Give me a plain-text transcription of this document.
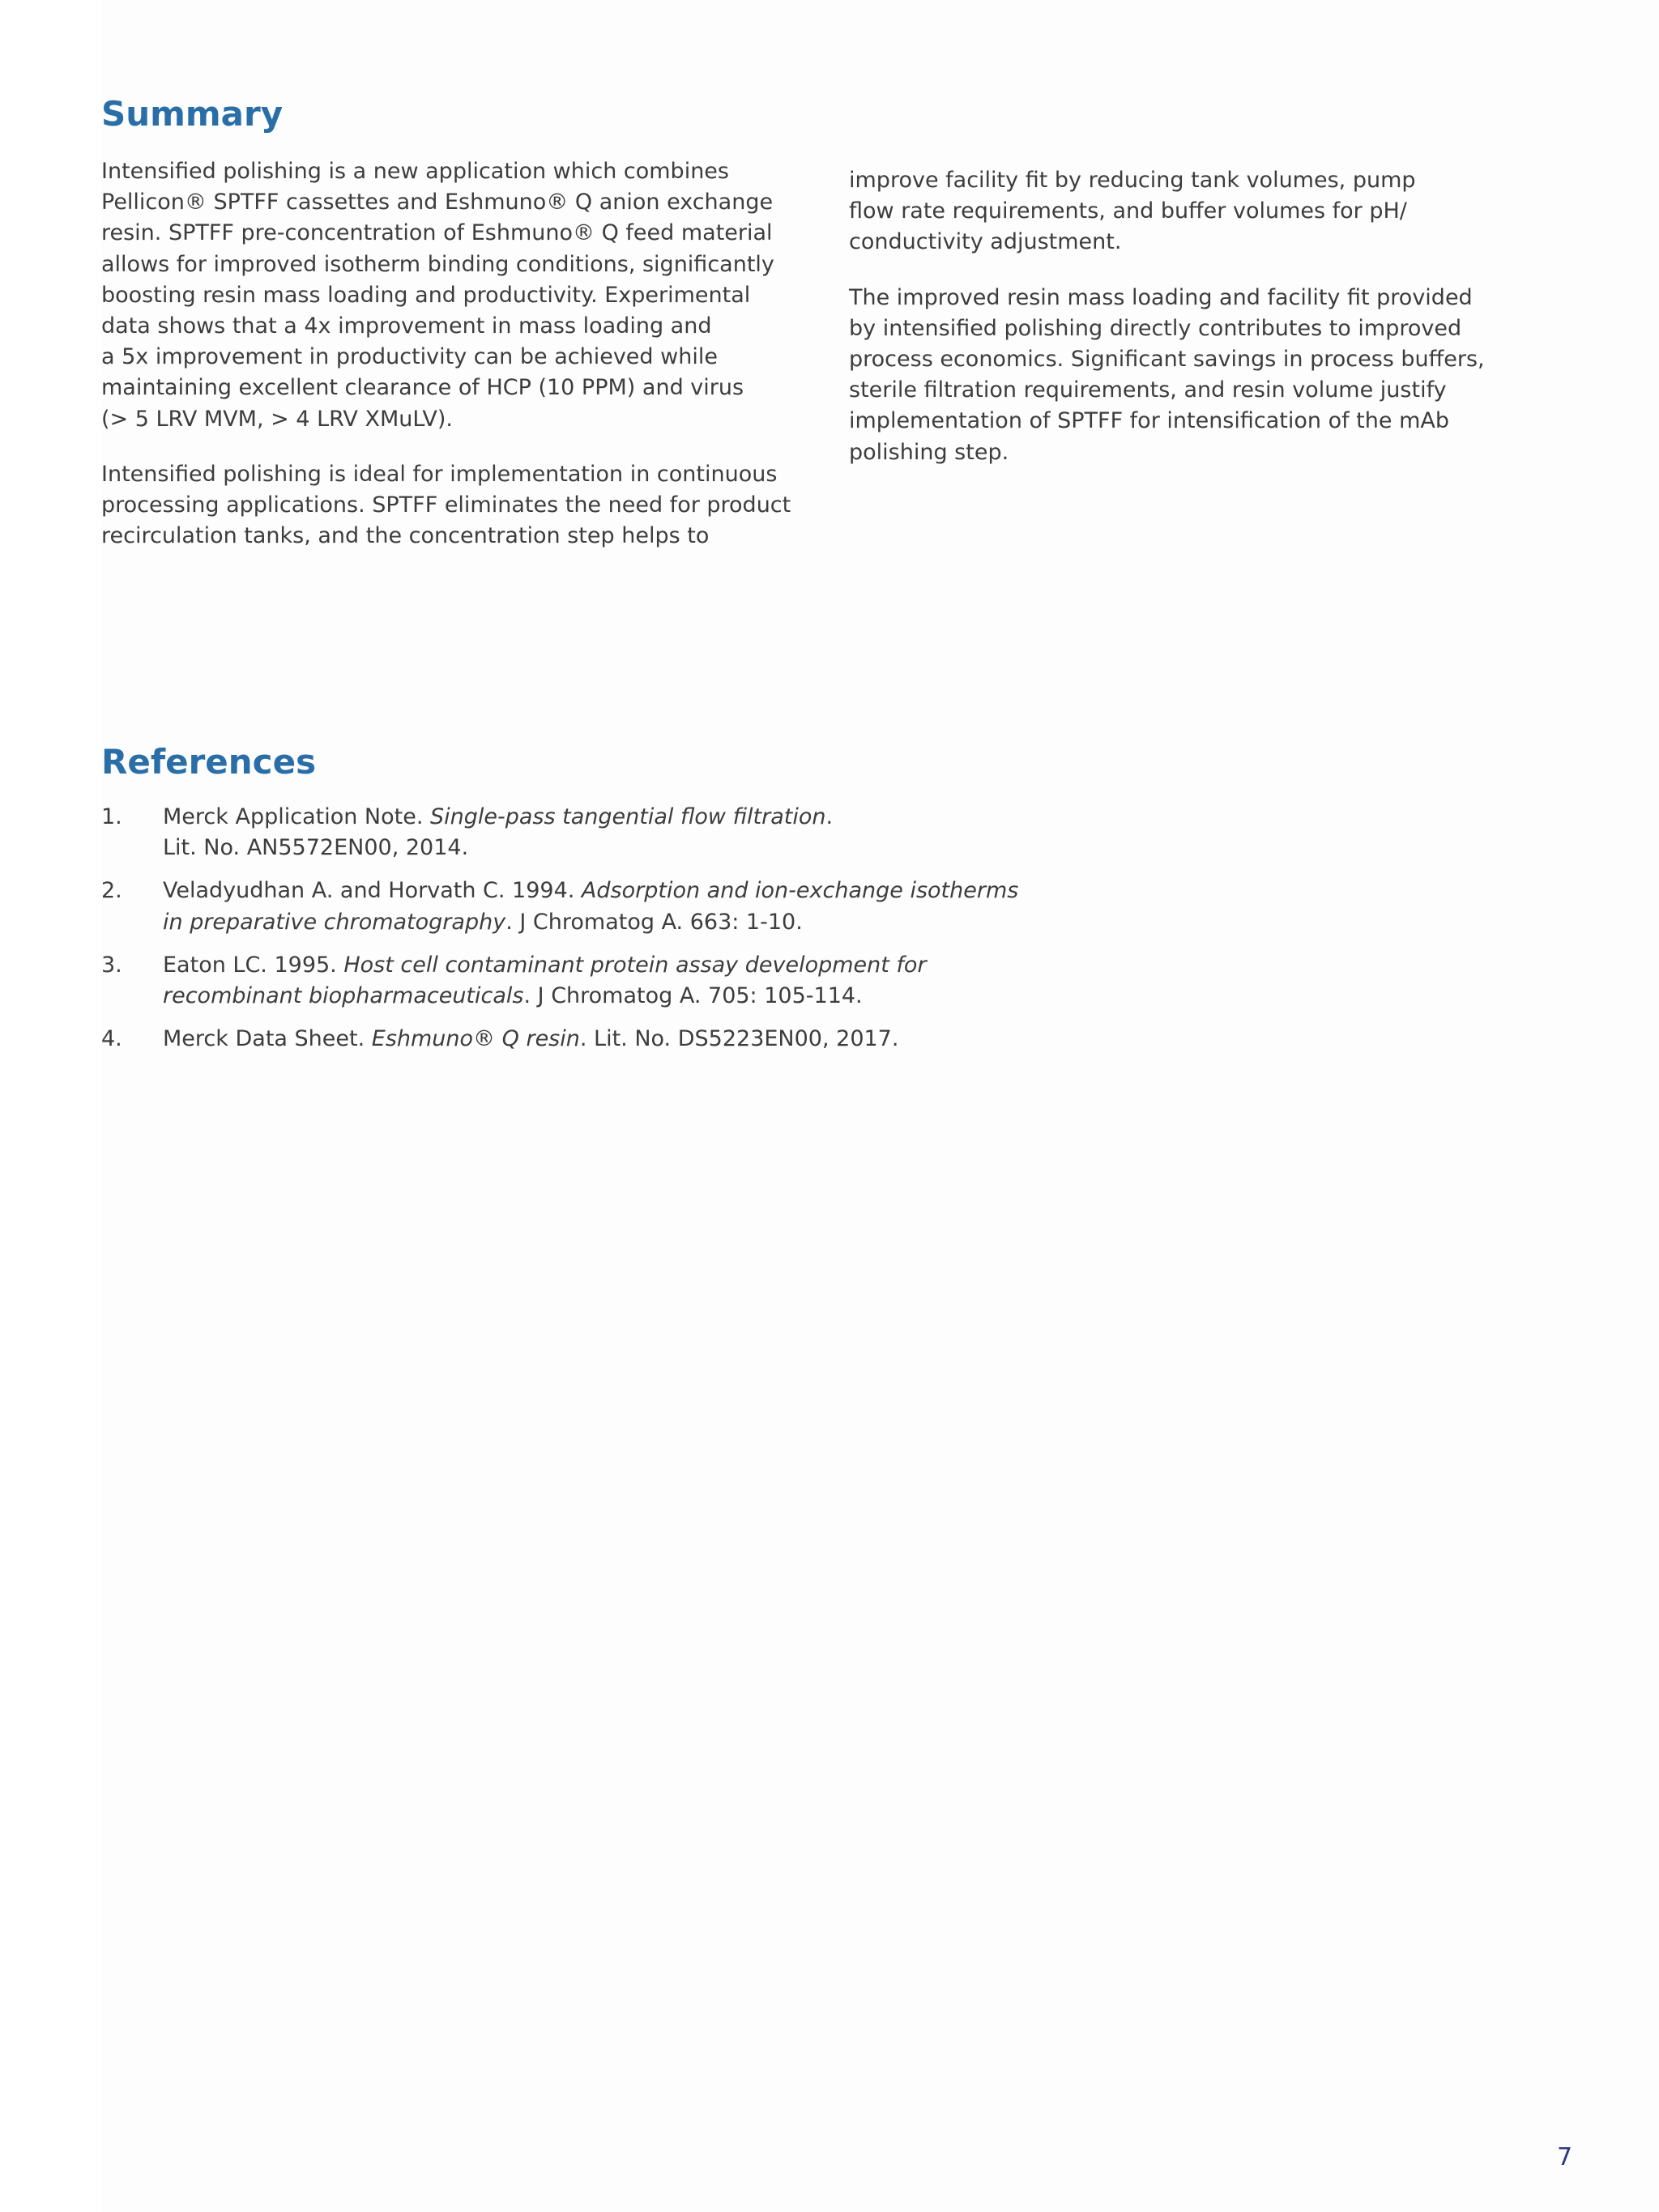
Summary

Intensified polishing is a new application which combines
Pellicon® SPTFF cassettes and Eshmuno® Q anion exchange
resin. SPTFF pre-concentration of Eshmuno® Q feed material
allows for improved isotherm binding conditions, significantly
boosting resin mass loading and productivity. Experimental
data shows that a 4x improvement in mass loading and
a 5x improvement in productivity can be achieved while
maintaining excellent clearance of HCP (10 PPM) and virus
(> 5 LRV MVM, > 4 LRV XMuLV).

Intensified polishing is ideal for implementation in continuous
processing applications. SPTFF eliminates the need for product
recirculation tanks, and the concentration step helps to

improve facility fit by reducing tank volumes, pump
flow rate requirements, and buffer volumes for pH/
conductivity adjustment.

The improved resin mass loading and facility fit provided
by intensified polishing directly contributes to improved
process economics. Significant savings in process buffers,
sterile filtration requirements, and resin volume justify
implementation of SPTFF for intensification of the mAb
polishing step.

References
1. Merck Application Note. Single-pass tangential flow filtration.
Lit. No. AN5572EN00, 2014.
2. Veladyudhan A. and Horvath C. 1994. Adsorption and ion-exchange isotherms
in preparative chromatography. J Chromatog A. 663: 1-10.
3. Eaton LC. 1995. Host cell contaminant protein assay development for
recombinant biopharmaceuticals. J Chromatog A. 705: 105-114.
4. Merck Data Sheet. Eshmuno® Q resin. Lit. No. DS5223EN00, 2017.
7
